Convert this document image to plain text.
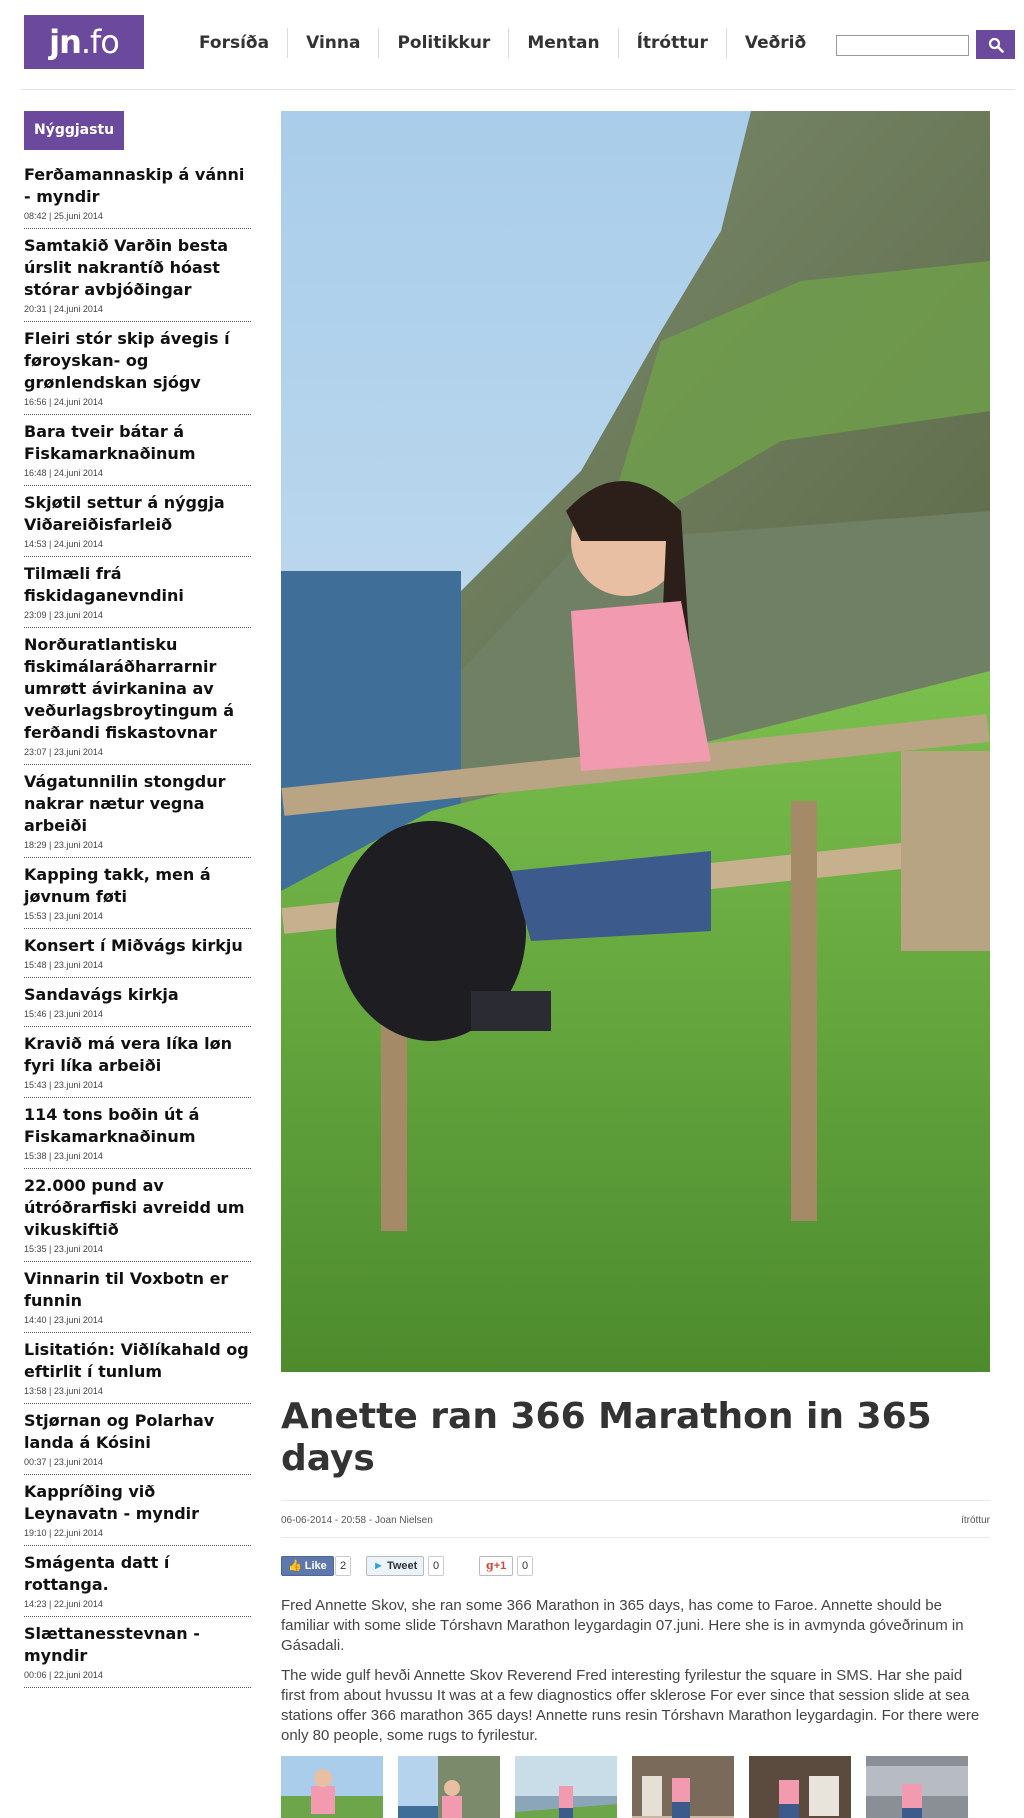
jn .fo	Forsíða	Vinna	Politikkur	Mentan	Ítróttur	Veðrið
Nýggjastu
Ferðamannaskip á vánni - myndir
08:42 | 25.juni 2014
Samtakið Varðin besta úrslit nakrantíð hóast stórar avbjóðingar
20:31 | 24.juni 2014
Fleiri stór skip ávegis í føroyskan- og grønlendskan sjógv
16:56 | 24.juni 2014
Bara tveir bátar á Fiskamarknaðinum
16:48 | 24.juni 2014
Skjøtil settur á nýggja Viðareiðisfarleið
14:53 | 24.juni 2014
Tilmæli frá fiskidaganevndini
23:09 | 23.juni 2014
Norðuratlantisku fiskimálaráðharrarnir umrøtt ávirkanina av veðurlagsbroytingum á ferðandi fiskastovnar
23:07 | 23.juni 2014
Vágatunnilin stongdur nakrar nætur vegna arbeiði
18:29 | 23.juni 2014
Kapping takk, men á jøvnum føti
15:53 | 23.juni 2014
Konsert í Miðvágs kirkju
15:48 | 23.juni 2014
Sandavágs kirkja
15:46 | 23.juni 2014
Kravið má vera líka løn fyri líka arbeiði
15:43 | 23.juni 2014
114 tons boðin út á Fiskamarknaðinum
15:38 | 23.juni 2014
22.000 pund av útróðrarfiski avreidd um vikuskiftið
15:35 | 23.juni 2014
Vinnarin til Voxbotn er funnin
14:40 | 23.juni 2014
Lisitatión: Viðlíkahald og eftirlit í tunlum
13:58 | 23.juni 2014
Stjørnan og Polarhav landa á Kósini
00:37 | 23.juni 2014
Kappríðing við Leynavatn - myndir
19:10 | 22.juni 2014
Smágenta datt í rottanga.
14:23 | 22.juni 2014
Slættanesstevnan - myndir
00:06 | 22.juni 2014
Anette ran 366 Marathon in 365 days
06-06-2014 - 20:58 - Joan Nielsen	ítróttur
👍 Like	2	► Tweet	0	g+1	0

Fred Annette Skov, she ran some 366 Marathon in 365 days, has come to Faroe. Annette should be familiar with some slide Tórshavn Marathon leygardagin 07.juni. Here she is in avmynda góveðrinum in Gásadali.

The wide gulf hevði Annette Skov Reverend Fred interesting fyrilestur the square in SMS. Har she paid first from about hvussu It was at a few diagnostics offer sklerose For ever since that session slide at sea stations offer 366 marathon 365 days! Annette runs resin Tórshavn Marathon leygardagin. For there were only 80 people, some rugs to fyrilestur.
